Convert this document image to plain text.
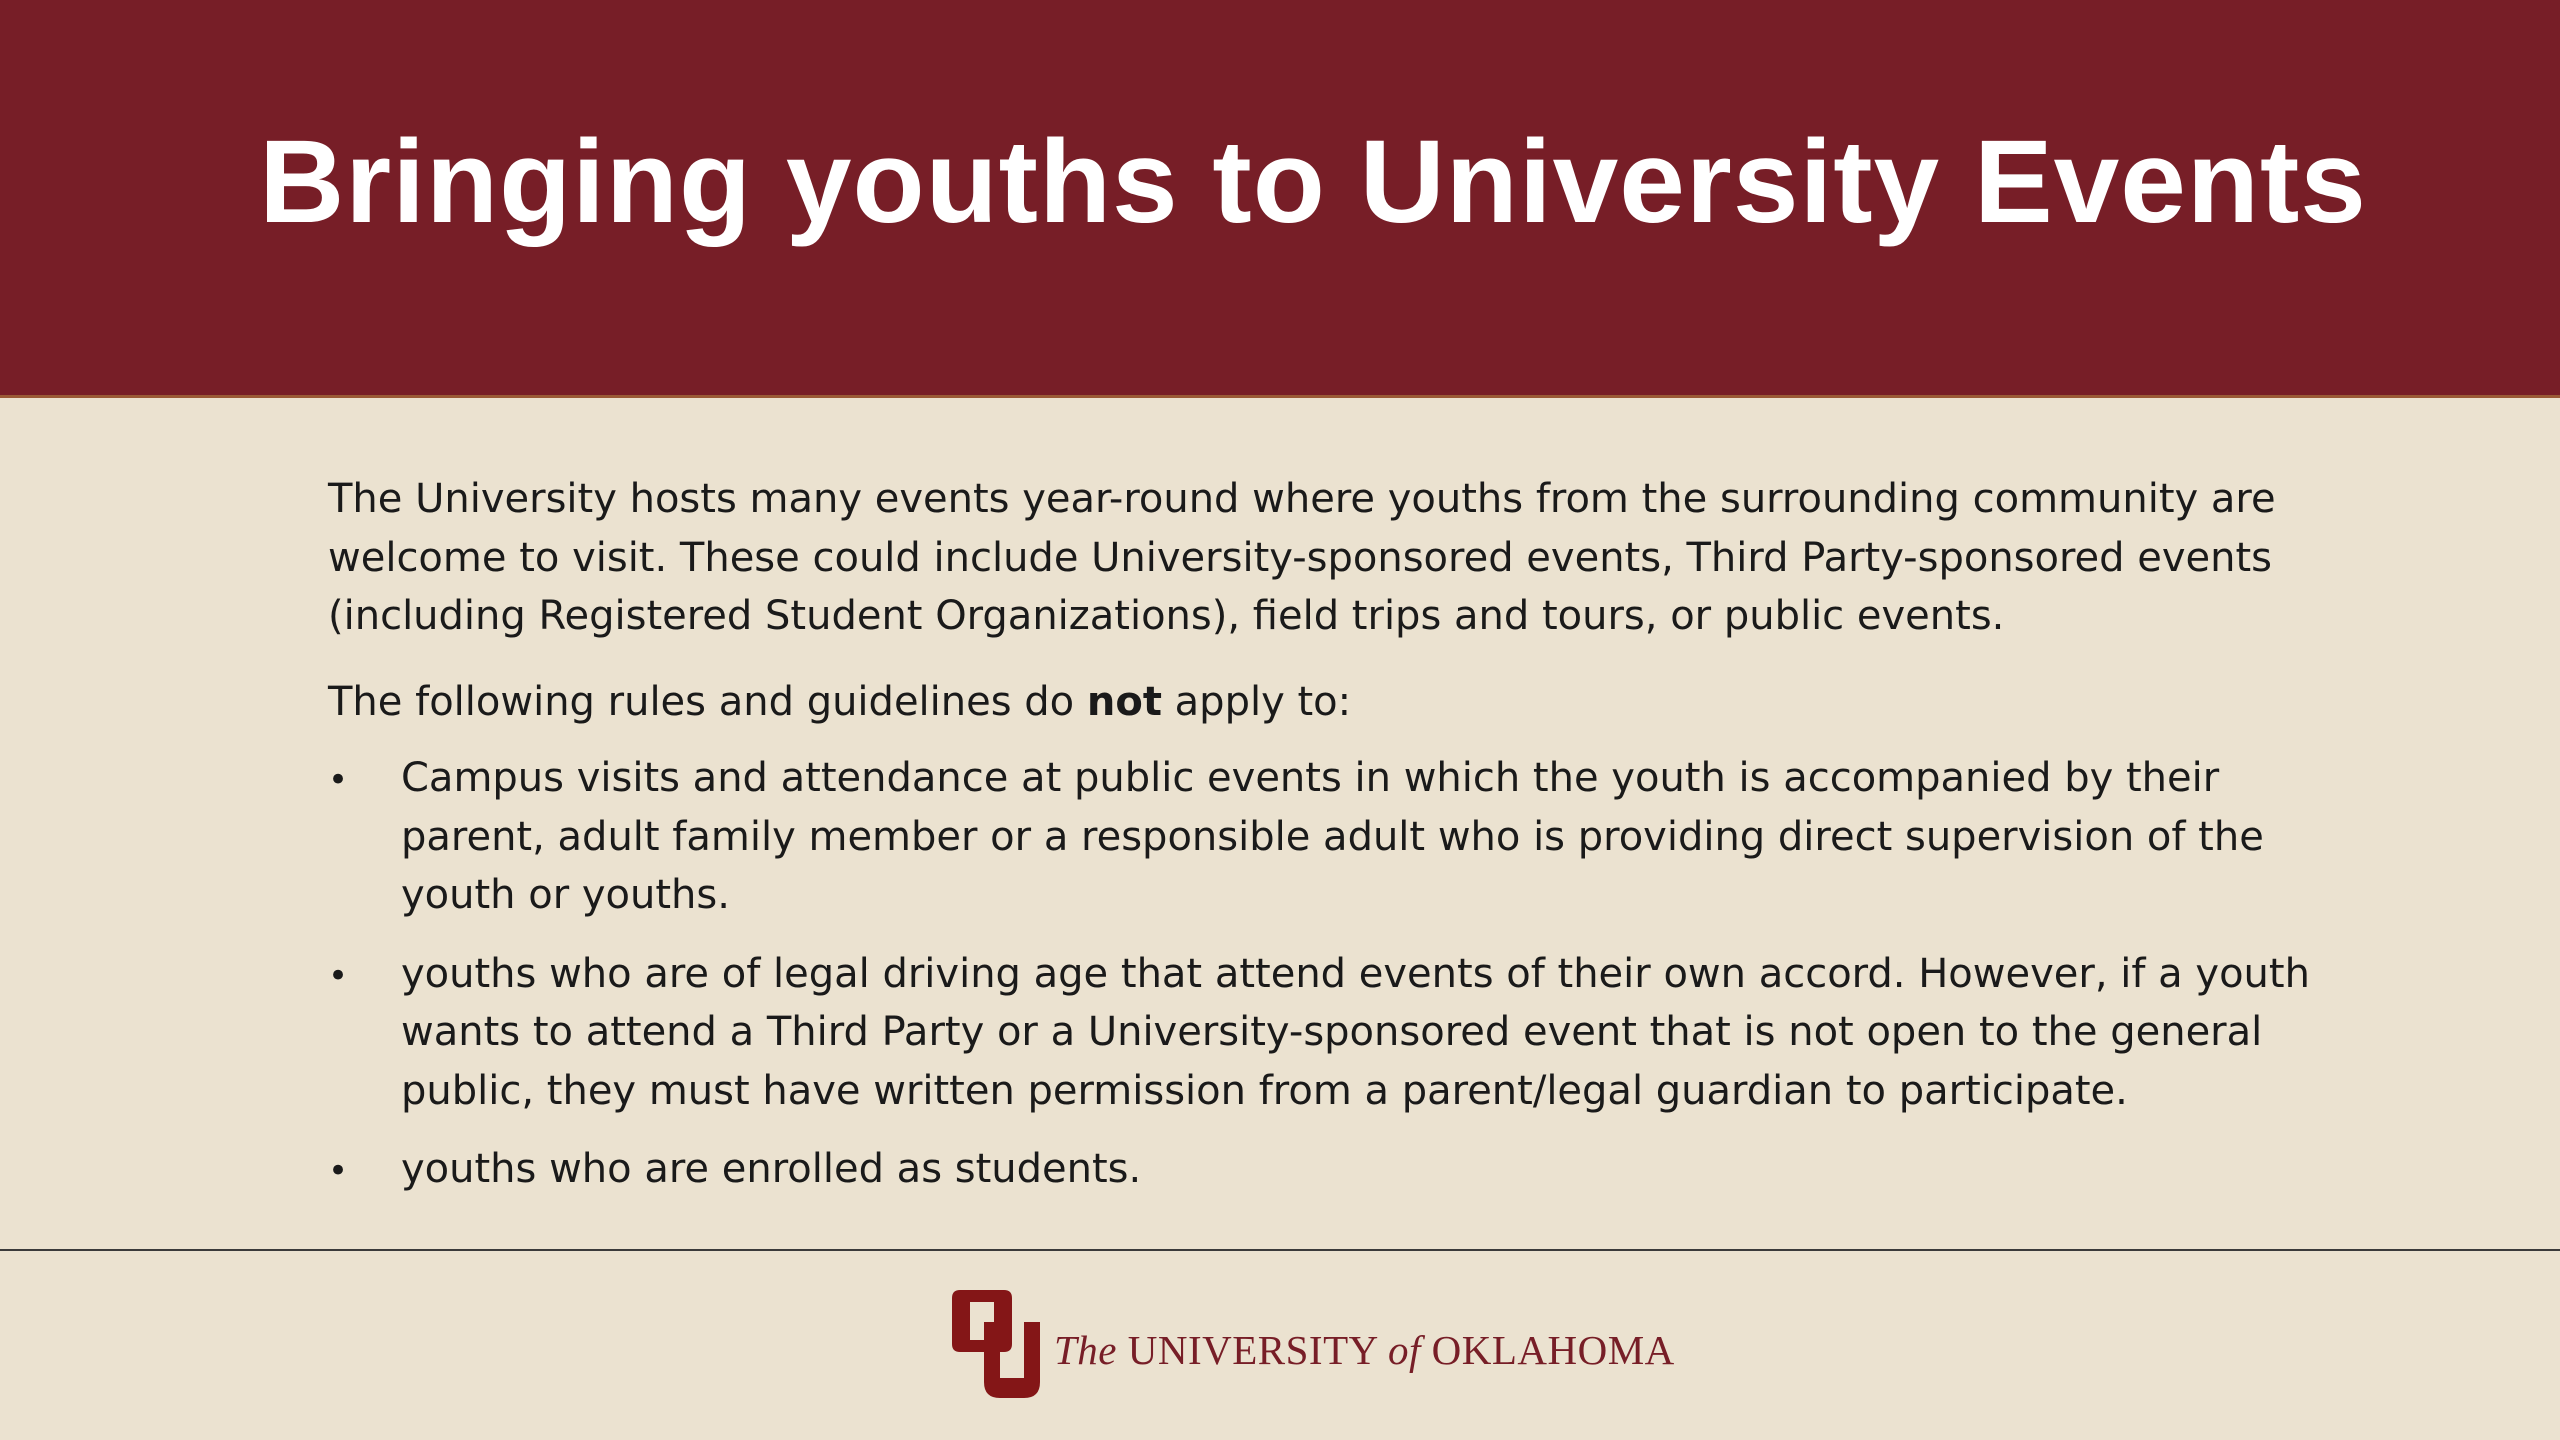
Bringing youths to University Events

The University hosts many events year-round where youths from the surrounding community are welcome to visit. These could include University-sponsored events, Third Party-sponsored events (including Registered Student Organizations), field trips and tours, or public events.

The following rules and guidelines do not apply to:

• Campus visits and attendance at public events in which the youth is accompanied by their parent, adult family member or a responsible adult who is providing direct supervision of the youth or youths.
• youths who are of legal driving age that attend events of their own accord. However, if a youth wants to attend a Third Party or a University-sponsored event that is not open to the general public, they must have written permission from a parent/legal guardian to participate.
• youths who are enrolled as students.
The UNIVERSITY of OKLAHOMA
